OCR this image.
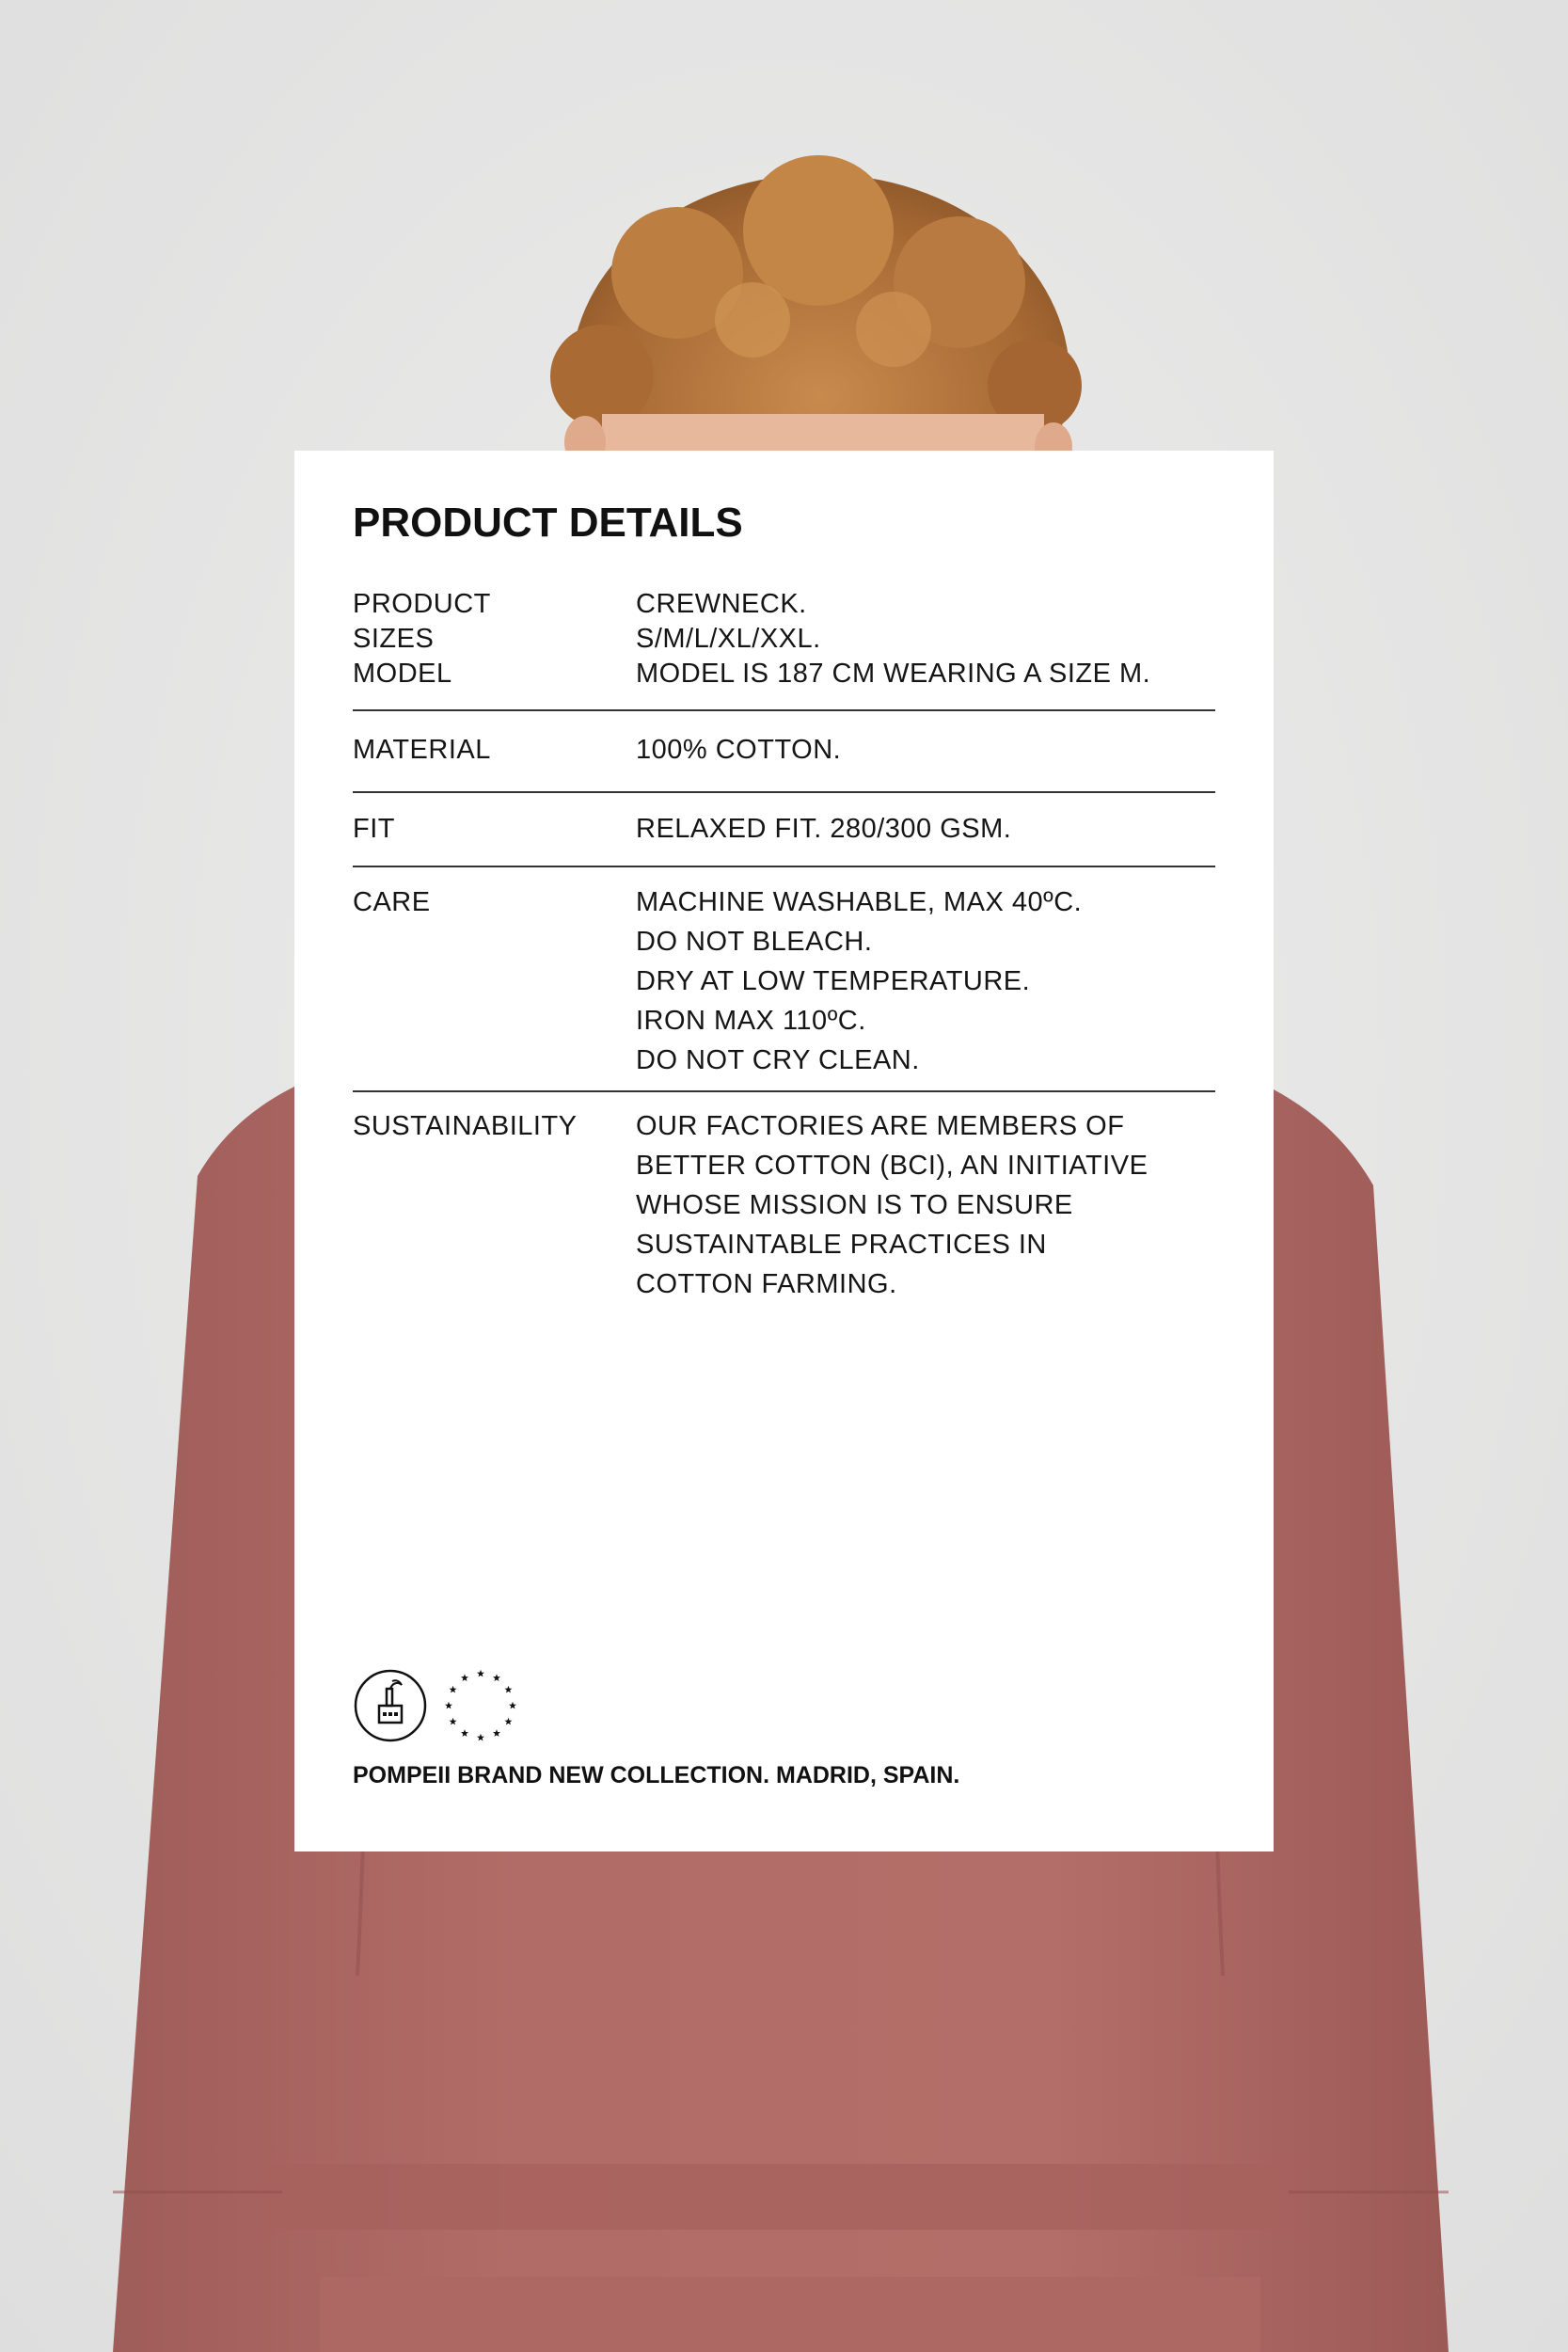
PRODUCT DETAILS
PRODUCT	CREWNECK.
SIZES	S/M/L/XL/XXL.
MODEL	MODEL IS 187 CM WEARING A SIZE M.
MATERIAL	100% COTTON.
FIT	RELAXED FIT. 280/300 GSM.
CARE	MACHINE WASHABLE, MAX 40ºC.
DO NOT BLEACH.
DRY AT LOW TEMPERATURE.
IRON MAX 110ºC.
DO NOT CRY CLEAN.
SUSTAINABILITY OUR FACTORIES ARE MEMBERS OF
BETTER COTTON (BCI), AN INITIATIVE
WHOSE MISSION IS TO ENSURE
SUSTAINTABLE PRACTICES IN
COTTON FARMING.
POMPEII BRAND NEW COLLECTION. MADRID, SPAIN.
